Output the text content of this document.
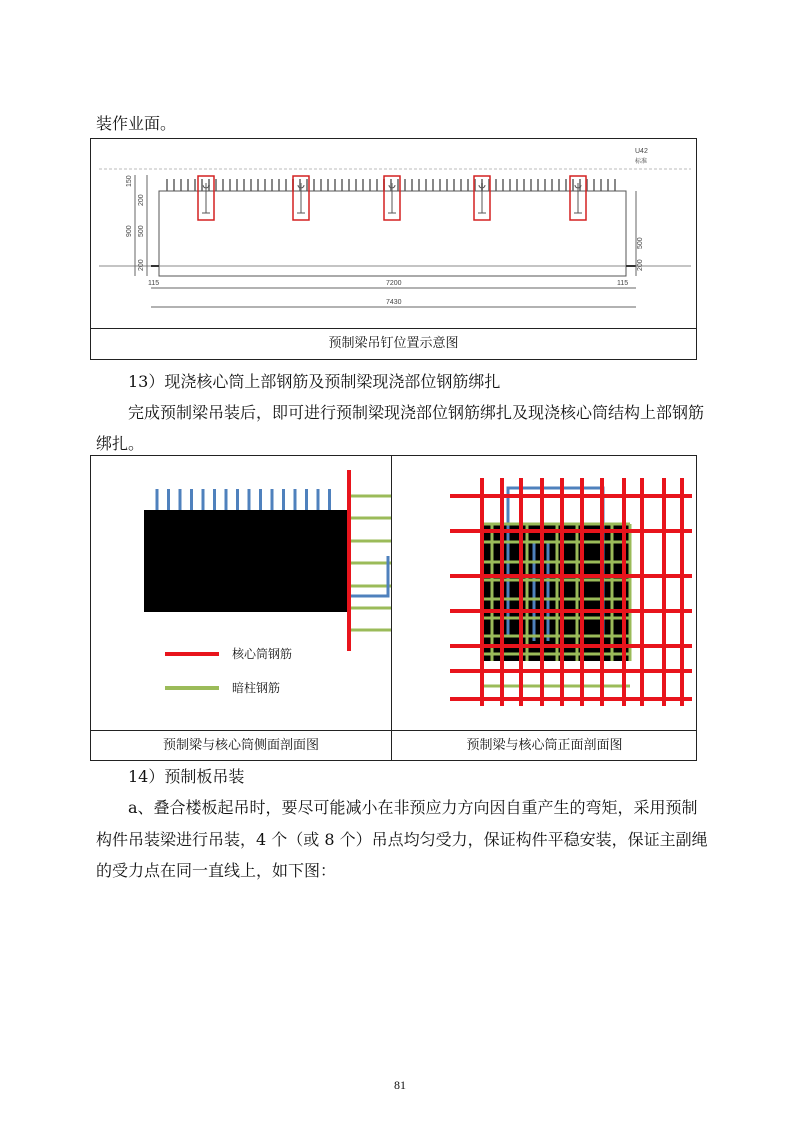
装作业面。

150
200
900 500
200
500
200
U42
标准
115	7200	115
7430
预制梁吊钉位置示意图

13）现浇核心筒上部钢筋及预制梁现浇部位钢筋绑扎

完成预制梁吊装后，即可进行预制梁现浇部位钢筋绑扎及现浇核心筒结构上部钢筋

绑扎。

核心筒钢筋
暗柱钢筋
预制梁与核心筒侧面剖面图	预制梁与核心筒正面剖面图

14）预制板吊装

a、叠合楼板起吊时，要尽可能减小在非预应力方向因自重产生的弯矩，采用预制

构件吊装梁进行吊装，4 个（或 8 个）吊点均匀受力，保证构件平稳安装，保证主副绳

的受力点在同一直线上，如下图：

81
